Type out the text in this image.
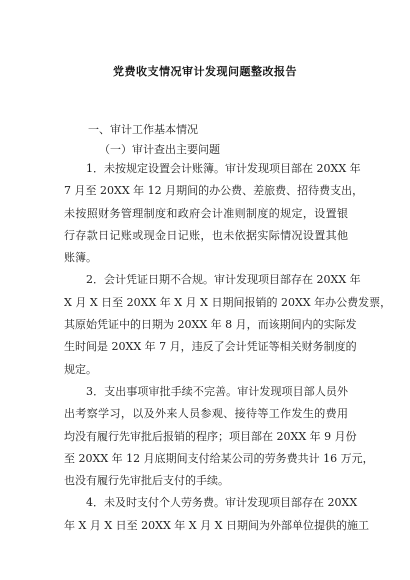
党费收支情况审计发现问题整改报告
一、审计工作基本情况
（一）审计查出主要问题

1．未按规定设置会计账簿。审计发现项目部在 20XX 年
7 月至 20XX 年 12 月期间的办公费、差旅费、招待费支出，
未按照财务管理制度和政府会计准则制度的规定，设置银
行存款日记账或现金日记账，也未依据实际情况设置其他
账簿。

2．会计凭证日期不合规。审计发现项目部存在 20XX 年
X 月 X 日至 20XX 年 X 月 X 日期间报销的 20XX 年办公费发票，
其原始凭证中的日期为 20XX 年 8 月，而该期间内的实际发
生时间是 20XX 年 7 月，违反了会计凭证等相关财务制度的
规定。

3．支出事项审批手续不完善。审计发现项目部人员外
出考察学习，以及外来人员参观、接待等工作发生的费用
均没有履行先审批后报销的程序；项目部在 20XX 年 9 月份
至 20XX 年 12 月底期间支付给某公司的劳务费共计 16 万元，
也没有履行先审批后支付的手续。

4．未及时支付个人劳务费。审计发现项目部存在 20XX
年 X 月 X 日至 20XX 年 X 月 X 日期间为外部单位提供的施工
